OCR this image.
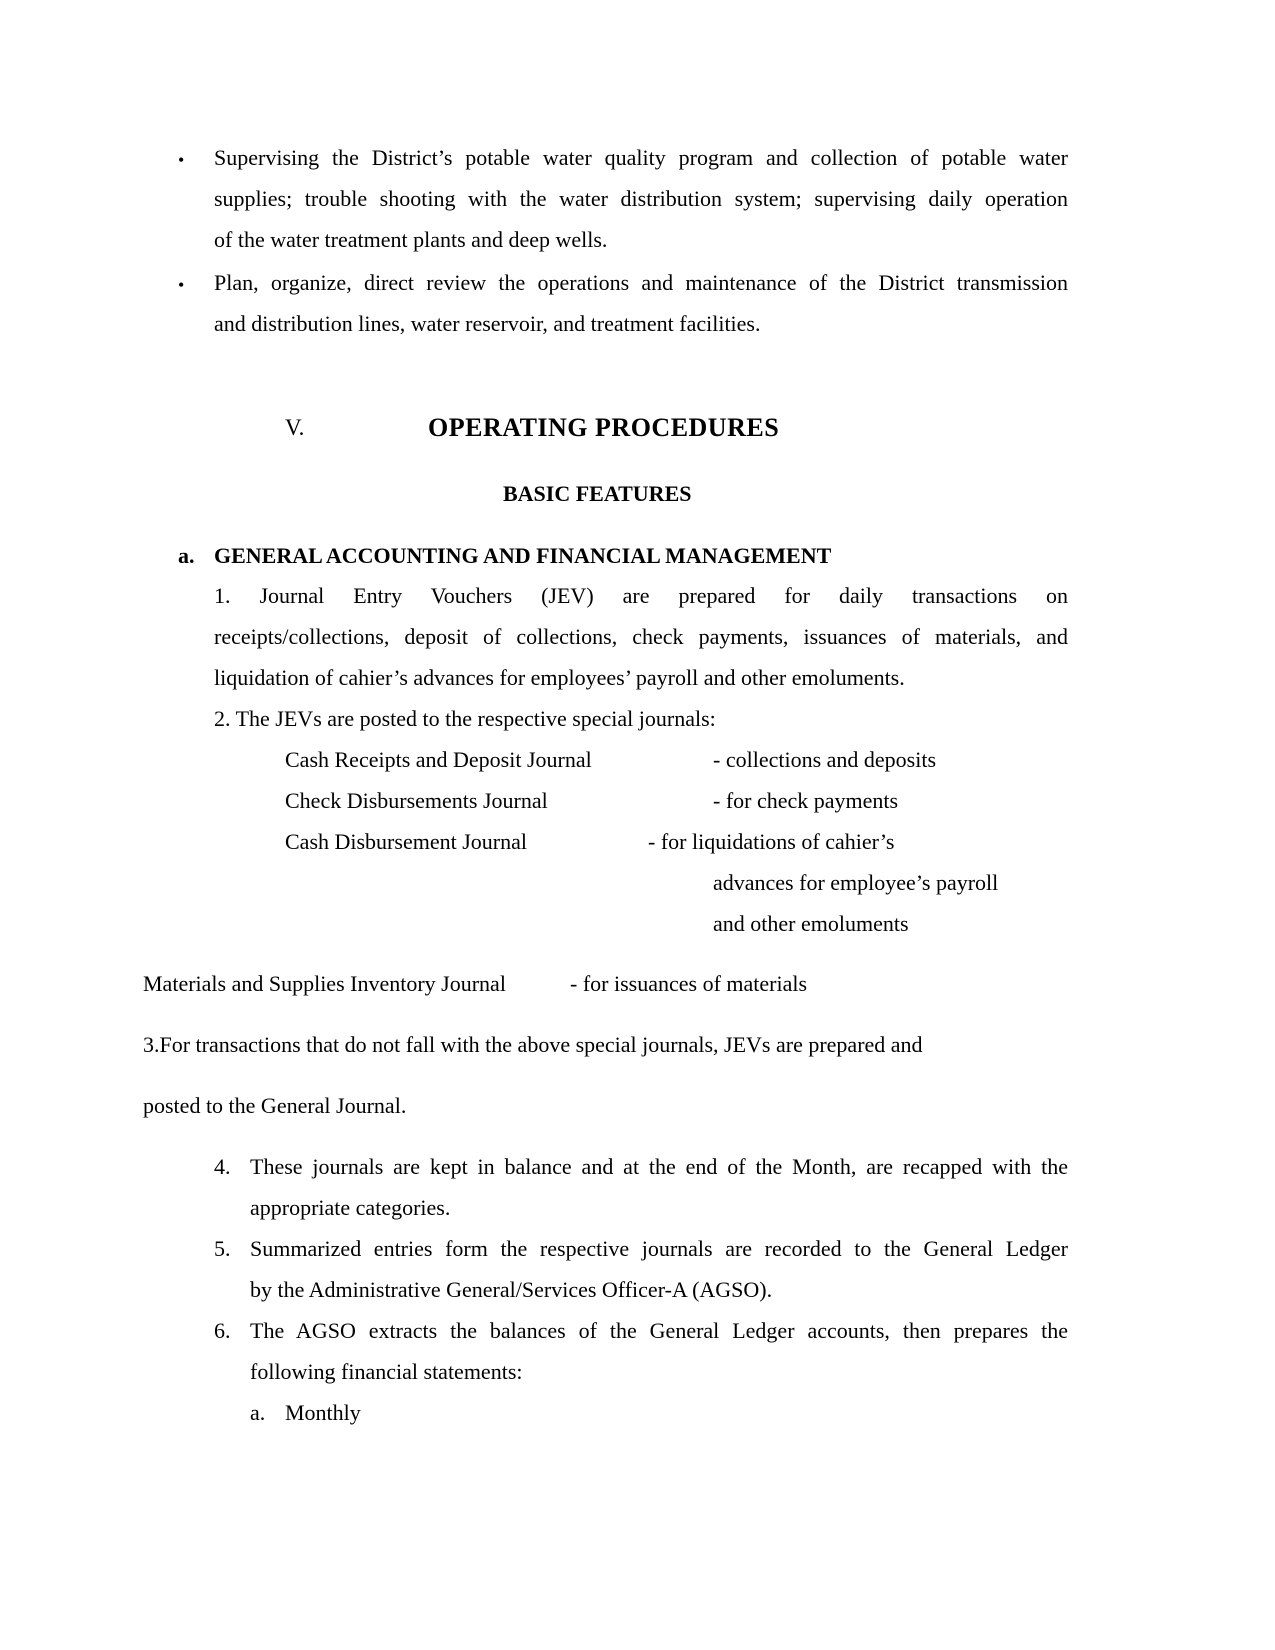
• Supervising the District’s potable water quality program and collection of potable water
supplies; trouble shooting with the water distribution system; supervising daily operation
of the water treatment plants and deep wells.
• Plan, organize, direct review the operations and maintenance of the District transmission
and distribution lines, water reservoir, and treatment facilities.
V.	OPERATING PROCEDURES
BASIC FEATURES
a. GENERAL ACCOUNTING AND FINANCIAL MANAGEMENT
1. Journal Entry Vouchers (JEV) are prepared for daily transactions on
receipts/collections, deposit of collections, check payments, issuances of materials, and
liquidation of cahier’s advances for employees’ payroll and other emoluments.
2. The JEVs are posted to the respective special journals:
Cash Receipts and Deposit Journal	- collections and deposits
Check Disbursements Journal	- for check payments
Cash Disbursement Journal	- for liquidations of cahier’s
advances for employee’s payroll
and other emoluments
Materials and Supplies Inventory Journal	- for issuances of materials
3.For transactions that do not fall with the above special journals, JEVs are prepared and
posted to the General Journal.
4. These journals are kept in balance and at the end of the Month, are recapped with the
appropriate categories.
5. Summarized entries form the respective journals are recorded to the General Ledger
by the Administrative General/Services Officer-A (AGSO).
6. The AGSO extracts the balances of the General Ledger accounts, then prepares the
following financial statements:
a. Monthly
